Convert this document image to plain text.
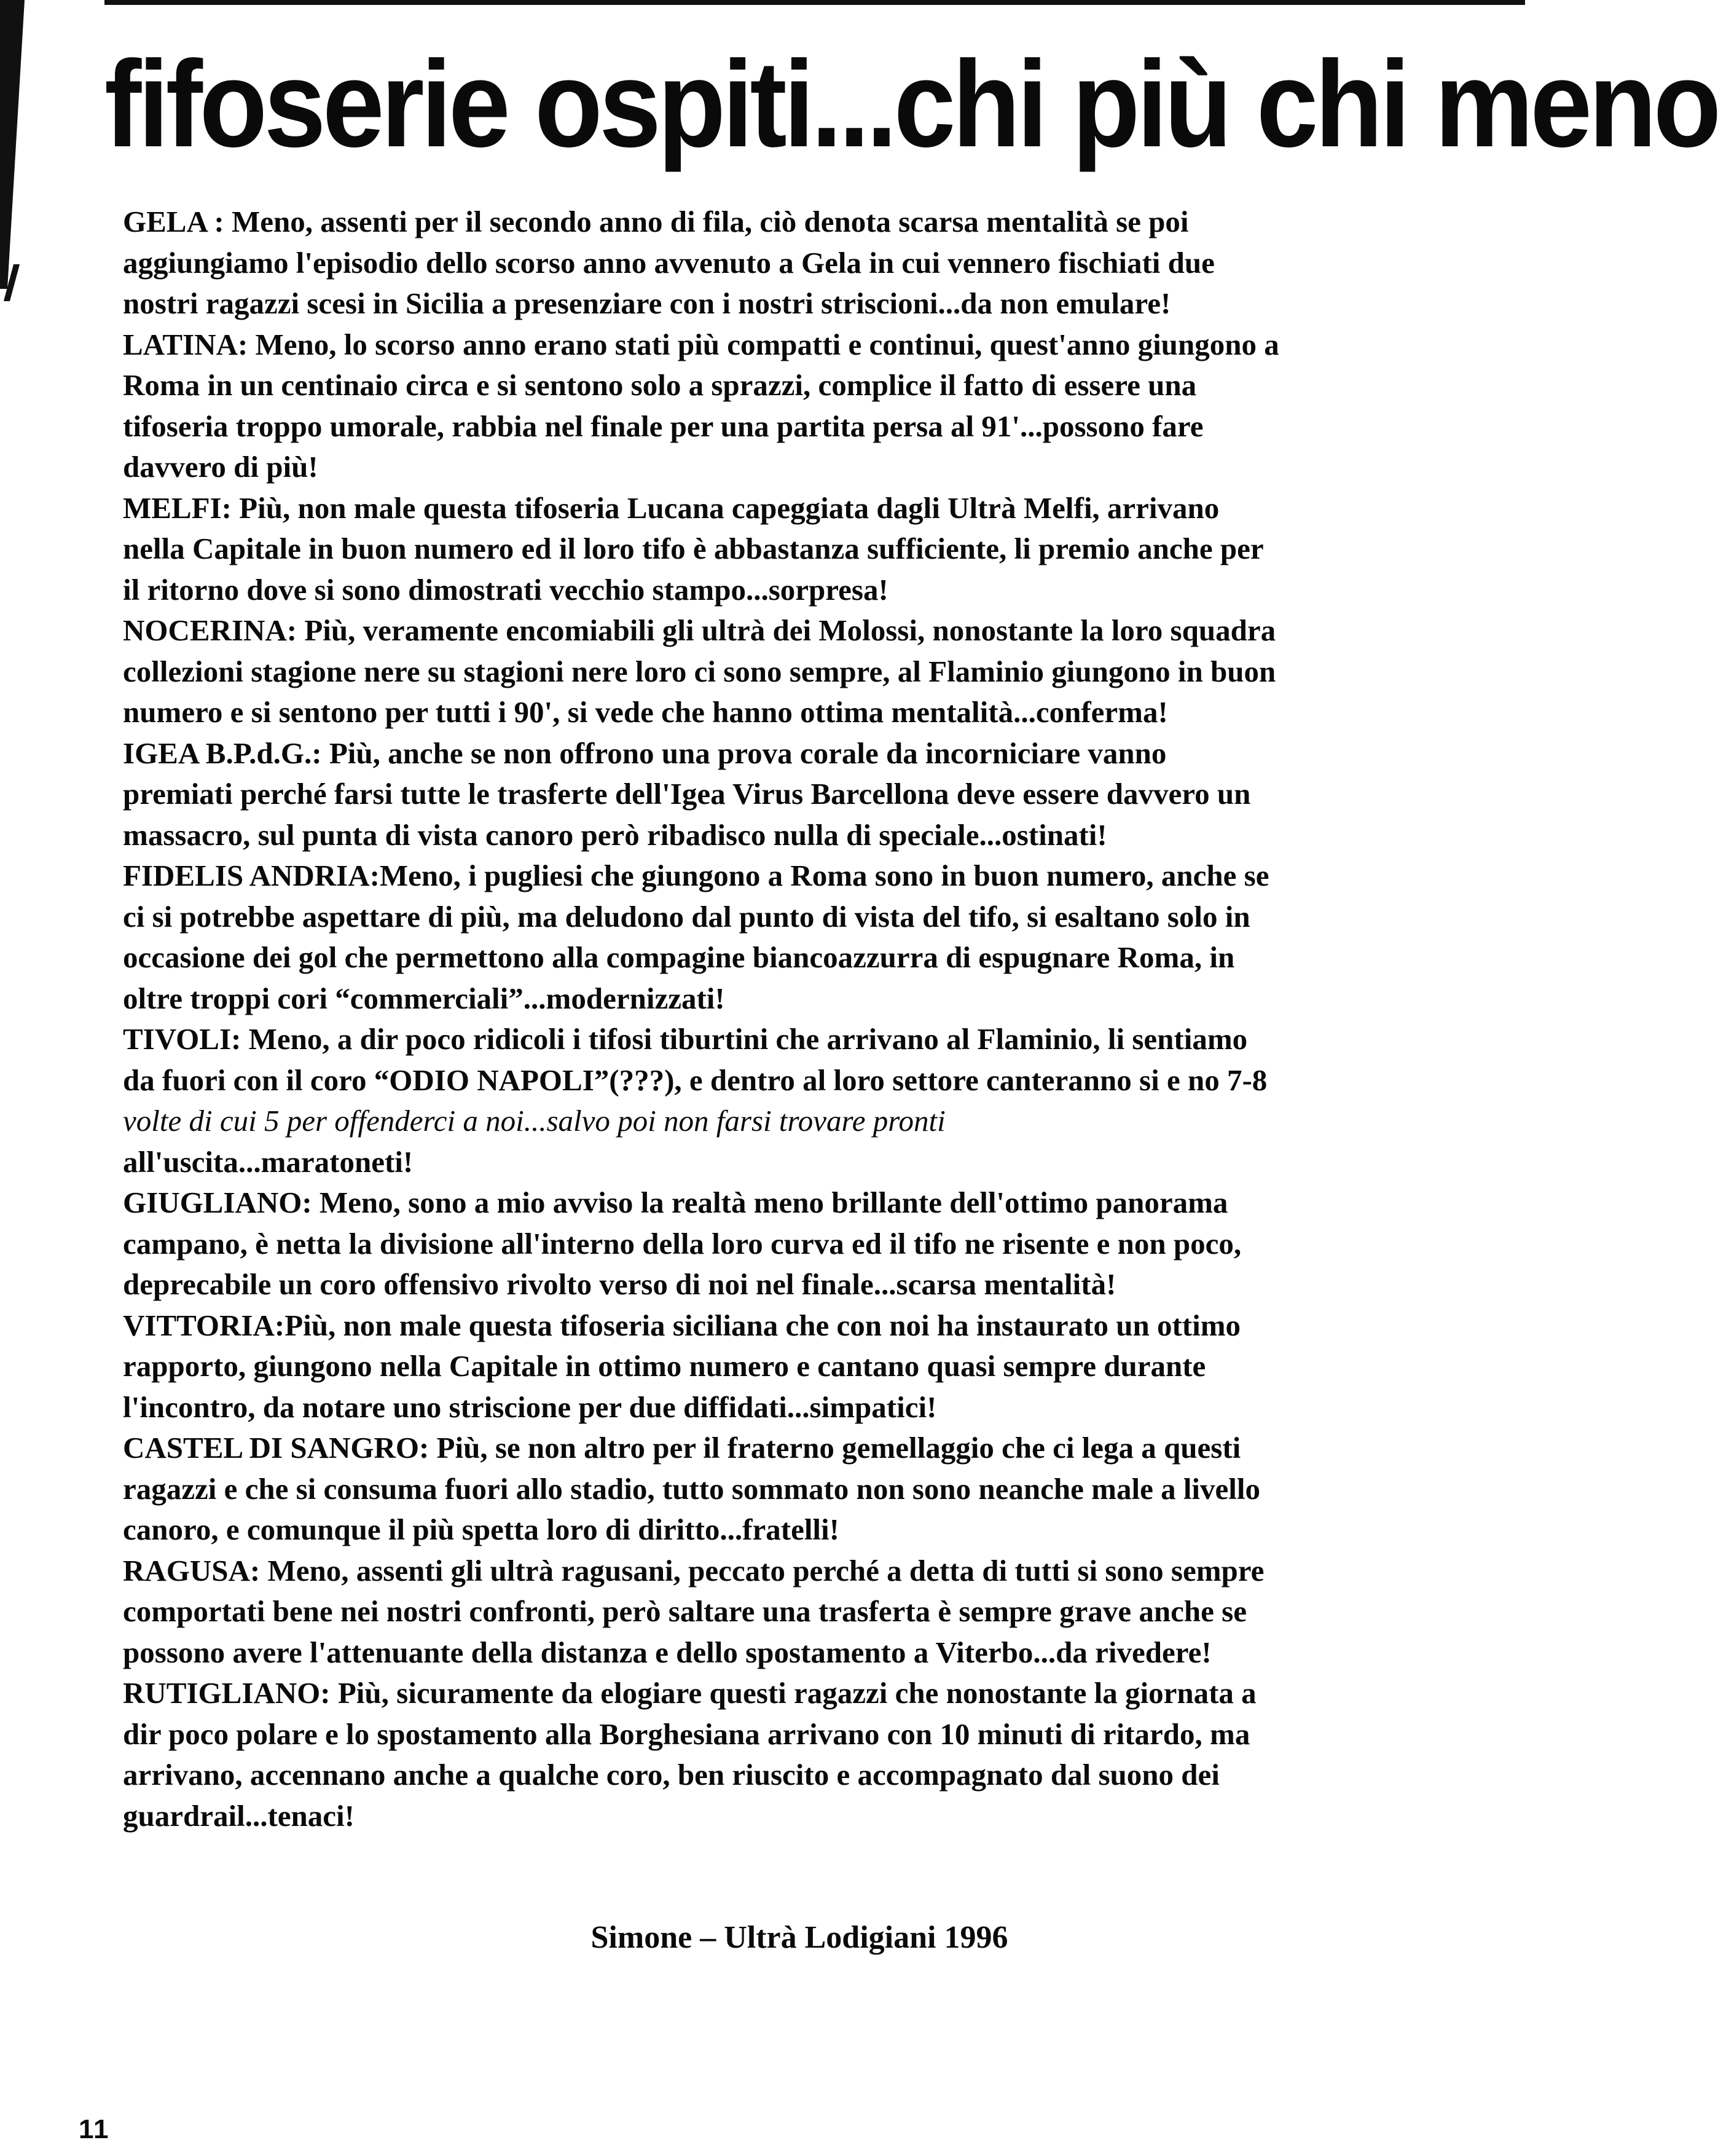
fifoserie ospiti...chi più chi meno
GELA : Meno, assenti per il secondo anno di fila, ciò denota scarsa mentalità se poi
aggiungiamo l'episodio dello scorso anno avvenuto a Gela in cui vennero fischiati due
nostri ragazzi scesi in Sicilia a presenziare con i nostri striscioni...da non emulare!
LATINA: Meno, lo scorso anno erano stati più compatti e continui, quest'anno giungono a
Roma in un centinaio circa e si sentono solo a sprazzi, complice il fatto di essere una
tifoseria troppo umorale, rabbia nel finale per una partita persa al 91'...possono fare
davvero di più!
MELFI: Più, non male questa tifoseria Lucana capeggiata dagli Ultrà Melfi, arrivano
nella Capitale in buon numero ed il loro tifo è abbastanza sufficiente, li premio anche per
il ritorno dove si sono dimostrati vecchio stampo...sorpresa!
NOCERINA: Più, veramente encomiabili gli ultrà dei Molossi, nonostante la loro squadra
collezioni stagione nere su stagioni nere loro ci sono sempre, al Flaminio giungono in buon
numero e si sentono per tutti i 90', si vede che hanno ottima mentalità...conferma!
IGEA B.P.d.G.: Più, anche se non offrono una prova corale da incorniciare vanno
premiati perché farsi tutte le trasferte dell'Igea Virus Barcellona deve essere davvero un
massacro, sul punta di vista canoro però ribadisco nulla di speciale...ostinati!
FIDELIS ANDRIA:Meno, i pugliesi che giungono a Roma sono in buon numero, anche se
ci si potrebbe aspettare di più, ma deludono dal punto di vista del tifo, si esaltano solo in
occasione dei gol che permettono alla compagine biancoazzurra di espugnare Roma, in
oltre troppi cori “commerciali”...modernizzati!
TIVOLI: Meno, a dir poco ridicoli i tifosi tiburtini che arrivano al Flaminio, li sentiamo
da fuori con il coro “ODIO NAPOLI”(???), e dentro al loro settore canteranno si e no 7-8
volte di cui 5 per offenderci a noi...salvo poi non farsi trovare pronti
all'uscita...maratoneti!
GIUGLIANO: Meno, sono a mio avviso la realtà meno brillante dell'ottimo panorama
campano, è netta la divisione all'interno della loro curva ed il tifo ne risente e non poco,
deprecabile un coro offensivo rivolto verso di noi nel finale...scarsa mentalità!
VITTORIA:Più, non male questa tifoseria siciliana che con noi ha instaurato un ottimo
rapporto, giungono nella Capitale in ottimo numero e cantano quasi sempre durante
l'incontro, da notare uno striscione per due diffidati...simpatici!
CASTEL DI SANGRO: Più, se non altro per il fraterno gemellaggio che ci lega a questi
ragazzi e che si consuma fuori allo stadio, tutto sommato non sono neanche male a livello
canoro, e comunque il più spetta loro di diritto...fratelli!
RAGUSA: Meno, assenti gli ultrà ragusani, peccato perché a detta di tutti si sono sempre
comportati bene nei nostri confronti, però saltare una trasferta è sempre grave anche se
possono avere l'attenuante della distanza e dello spostamento a Viterbo...da rivedere!
RUTIGLIANO: Più, sicuramente da elogiare questi ragazzi che nonostante la giornata a
dir poco polare e lo spostamento alla Borghesiana arrivano con 10 minuti di ritardo, ma
arrivano, accennano anche a qualche coro, ben riuscito e accompagnato dal suono dei
guardrail...tenaci!
Simone – Ultrà Lodigiani 1996
11
